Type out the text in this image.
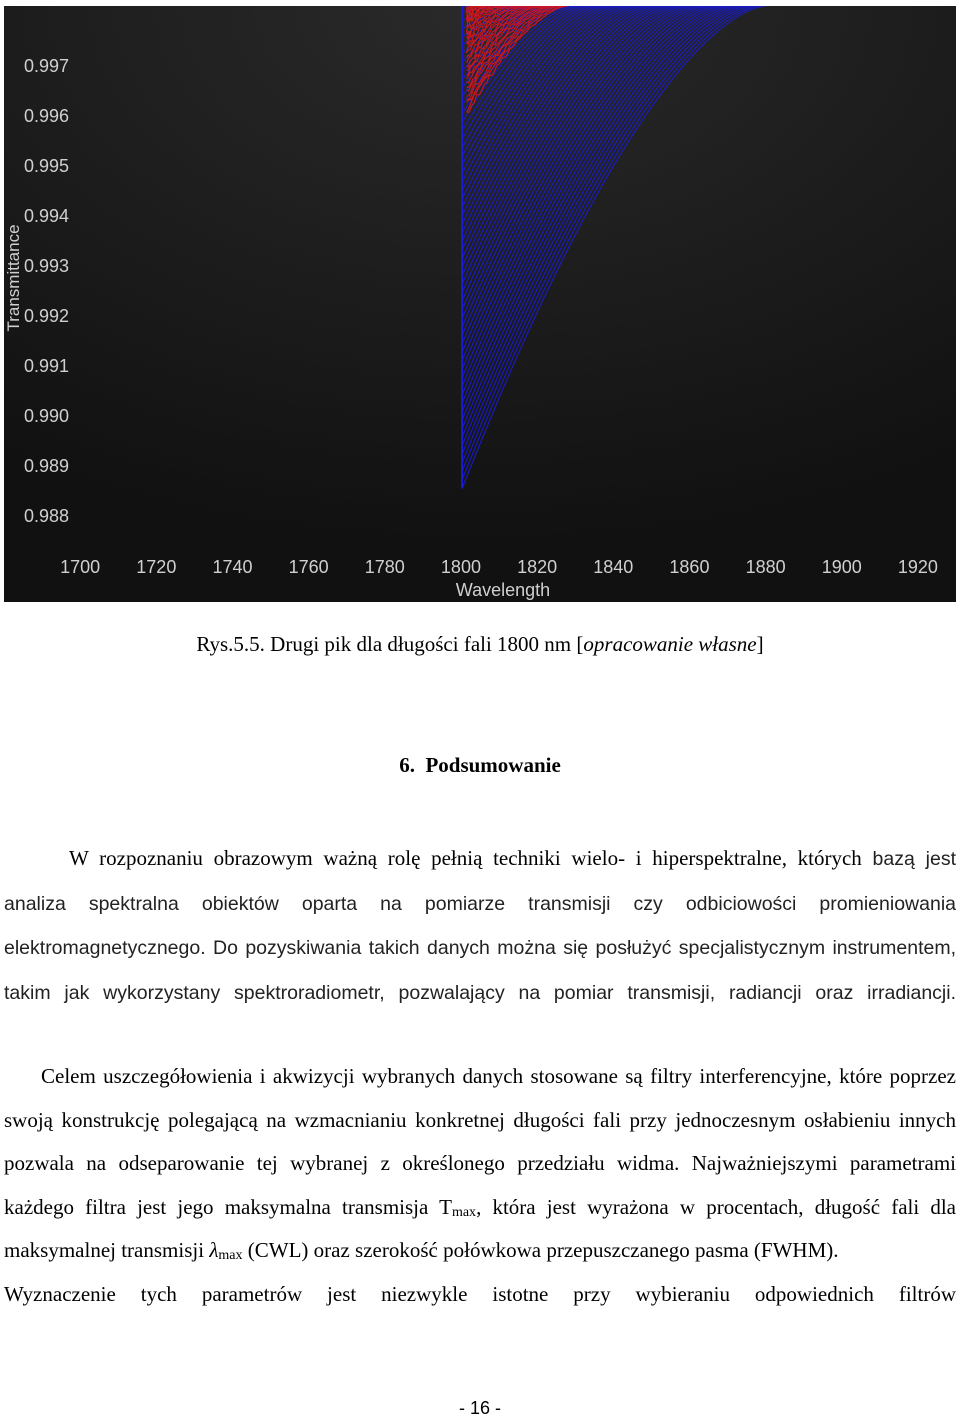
0.997
0.996
0.995
0.994
0.993
0.992
0.991
0.990
0.989
0.988
1700 1720 1740 1760 1780 1800 1820 1840 1860 1880 1900 1920
Wavelength
Transmittance
Rys.5.5. Drugi pik dla długości fali 1800 nm [opracowanie własne]
6.  Podsumowanie

W rozpoznaniu obrazowym ważną rolę pełnią techniki wielo- i hiperspektralne, których bazą jest analiza spektralna obiektów oparta na pomiarze transmisji czy odbiciowości promieniowania elektromagnetycznego. Do pozyskiwania takich danych można się posłużyć specjalistycznym instrumentem, takim jak wykorzystany spektroradiometr, pozwalający na pomiar transmisji, radiancji oraz irradiancji.

Celem uszczegółowienia i akwizycji wybranych danych stosowane są filtry interferencyjne, które poprzez swoją konstrukcję polegającą na wzmacnianiu konkretnej długości fali przy jednoczesnym osłabieniu innych pozwala na odseparowanie tej wybranej z określonego przedziału widma. Najważniejszymi parametrami każdego filtra jest jego maksymalna transmisja $T_{max}$, która jest wyrażona w procentach, długość fali dla maksymalnej transmisji $\lambda_{max}$ (CWL) oraz szerokość połówkowa przepuszczanego pasma (FWHM).
Wyznaczenie tych parametrów jest niezwykle istotne przy wybieraniu odpowiednich filtrów

- 16 -
